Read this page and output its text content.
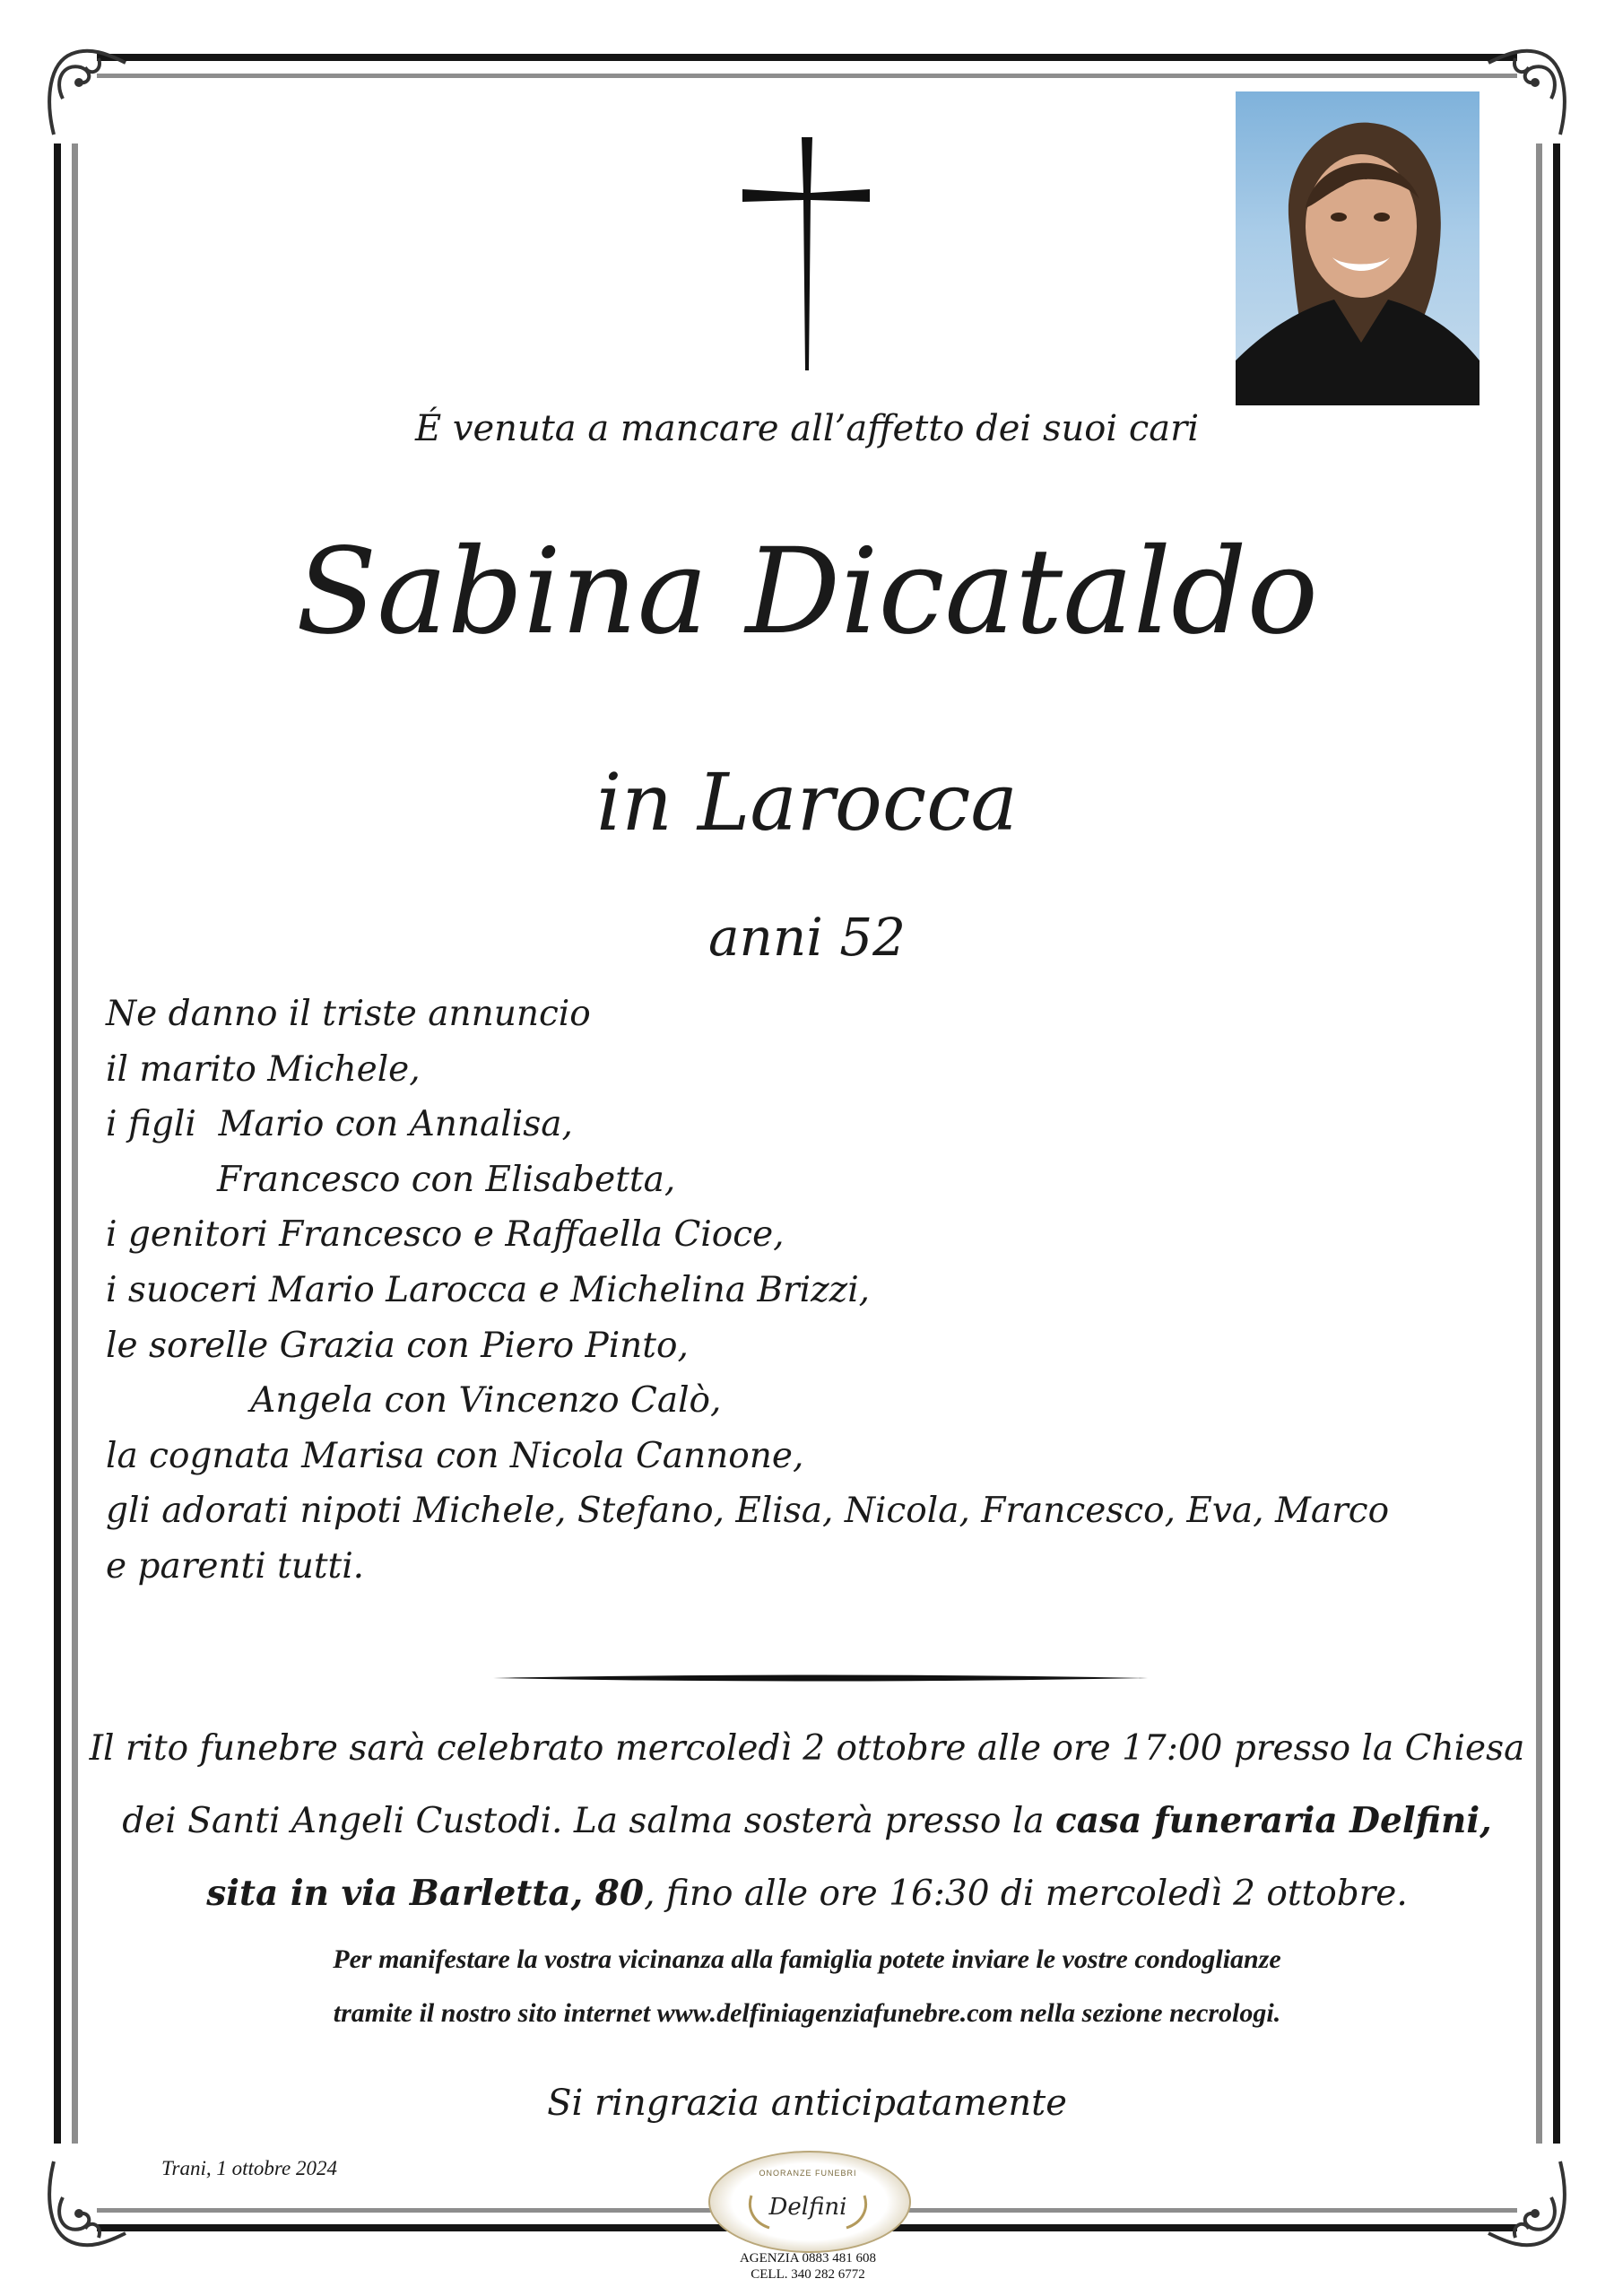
É venuta a mancare all’affetto dei suoi cari
Sabina Dicataldo
in Larocca
anni 52
Ne danno il triste annuncio
il marito Michele,
i figli  Mario con Annalisa,
Francesco con Elisabetta,
i genitori Francesco e Raffaella Cioce,
i suoceri Mario Larocca e Michelina Brizzi,
le sorelle Grazia con Piero Pinto,
Angela con Vincenzo Calò,
la cognata Marisa con Nicola Cannone,
gli adorati nipoti Michele, Stefano, Elisa, Nicola, Francesco, Eva, Marco
e parenti tutti.
Il rito funebre sarà celebrato mercoledì 2 ottobre alle ore 17:00 presso la Chiesa
dei Santi Angeli Custodi. La salma sosterà presso la casa funeraria Delfini,
sita in via Barletta, 80, fino alle ore 16:30 di mercoledì 2 ottobre.
Per manifestare la vostra vicinanza alla famiglia potete inviare le vostre condoglianze
tramite il nostro sito internet www.delfiniagenziafunebre.com nella sezione necrologi.
Si ringrazia anticipatamente
Trani, 1 ottobre 2024	ONORANZE FUNEBRI
Delfini
AGENZIA 0883 481 608
CELL. 340 282 6772
